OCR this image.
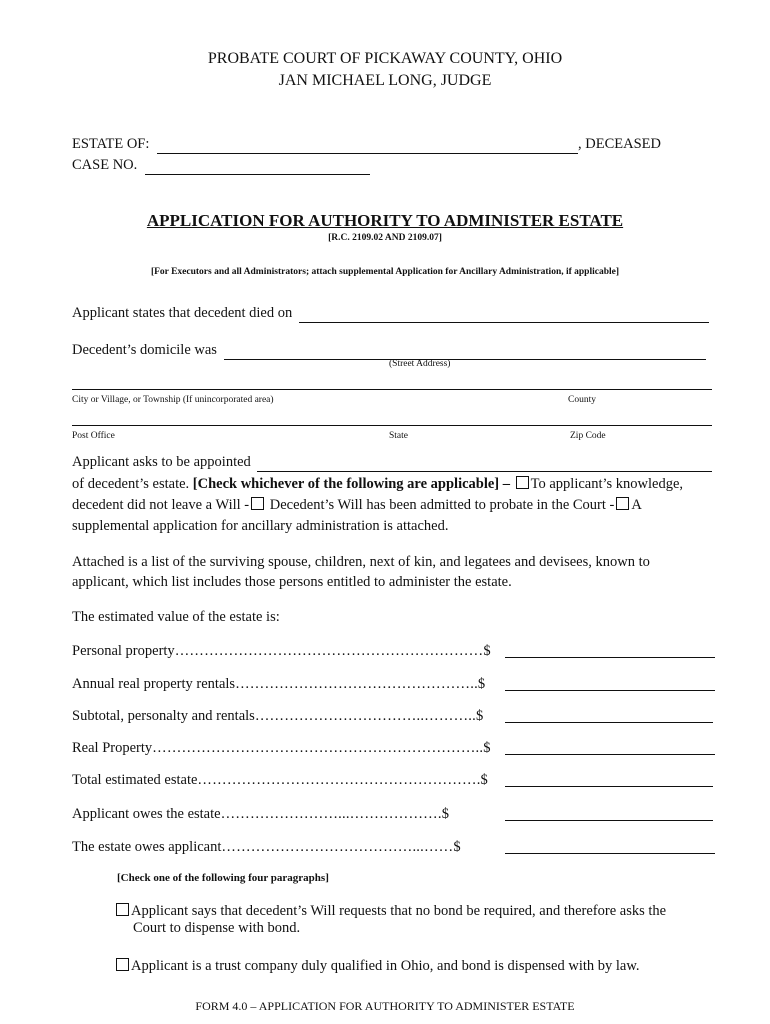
PROBATE COURT OF PICKAWAY COUNTY, OHIO
JAN MICHAEL LONG, JUDGE
ESTATE OF:	, DECEASED
CASE NO.
APPLICATION FOR AUTHORITY TO ADMINISTER ESTATE
[R.C. 2109.02 AND 2109.07]
[For Executors and all Administrators; attach supplemental Application for Ancillary Administration, if applicable]
Applicant states that decedent died on
Decedent’s domicile was
(Street Address)
City or Village, or Township (If unincorporated area)	County
Post Office	State	Zip Code
Applicant asks to be appointed
of decedent’s estate. [Check whichever of the following are applicable] – To applicant’s knowledge,
decedent did not leave a Will - Decedent’s Will has been admitted to probate in the Court - A
supplemental application for ancillary administration is attached.
Attached is a list of the surviving spouse, children, next of kin, and legatees and devisees, known to
applicant, which list includes those persons entitled to administer the estate.
The estimated value of the estate is:
Personal property………………………………………………………$
Annual real property rentals…………………………………………..$
Subtotal, personalty and rentals……………………………..………..$
Real Property…………………………………………………………..$
Total estimated estate………………………………………………….$
Applicant owes the estate……………………...……………….$
The estate owes applicant…………………………………...……$
[Check one of the following four paragraphs]
Applicant says that decedent’s Will requests that no bond be required, and therefore asks the
Court to dispense with bond.
Applicant is a trust company duly qualified in Ohio, and bond is dispensed with by law.
FORM 4.0 – APPLICATION FOR AUTHORITY TO ADMINISTER ESTATE
